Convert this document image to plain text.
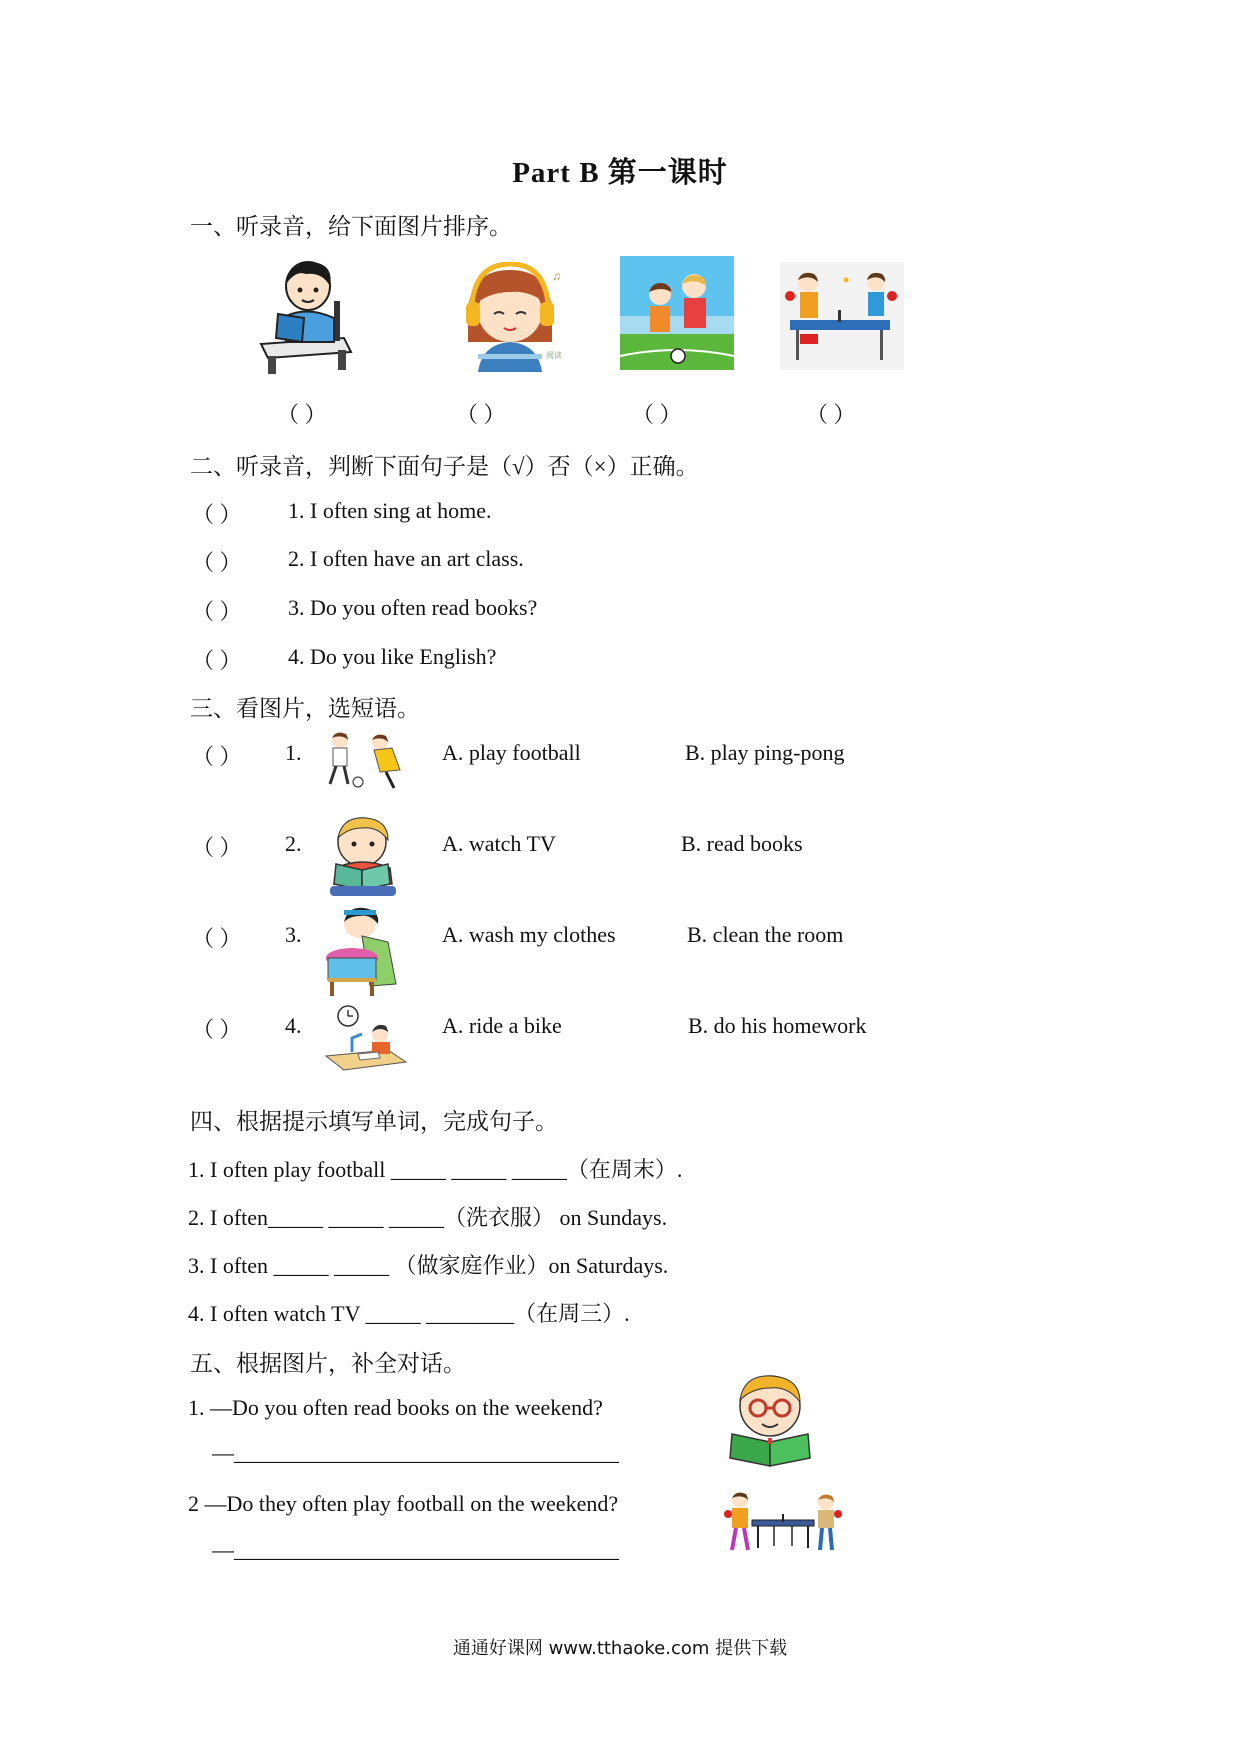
Part B 第一课时
一、听录音，给下面图片排序。
♫
阅读
（ ）	（ ）	（ ）	（ ）
二、听录音，判断下面句子是（√）否（×）正确。
（ ） 1. I often sing at home.
（ ） 2. I often have an art class.
（ ） 3. Do you often read books?
（ ） 4. Do you like English?
三、看图片，选短语。
（ ） 1.	A. play football	B. play ping-pong
（ ） 2.	A. watch TV	B. read books
（ ） 3.	A. wash my clothes	B. clean the room
（ ） 4.	A. ride a bike	B. do his homework
四、根据提示填写单词，完成句子。
1. I often play football _____ _____ _____（在周末）.
2. I often_____ _____ _____（洗衣服） on Sundays.
3. I often _____ _____ （做家庭作业）on Saturdays.
4. I often watch TV _____ ________（在周三）.
五、根据图片，补全对话。
1. —Do you often read books on the weekend?
—___________________________________
2 —Do they often play football on the weekend?
—___________________________________
通通好课网 www.tthaoke.com 提供下载
